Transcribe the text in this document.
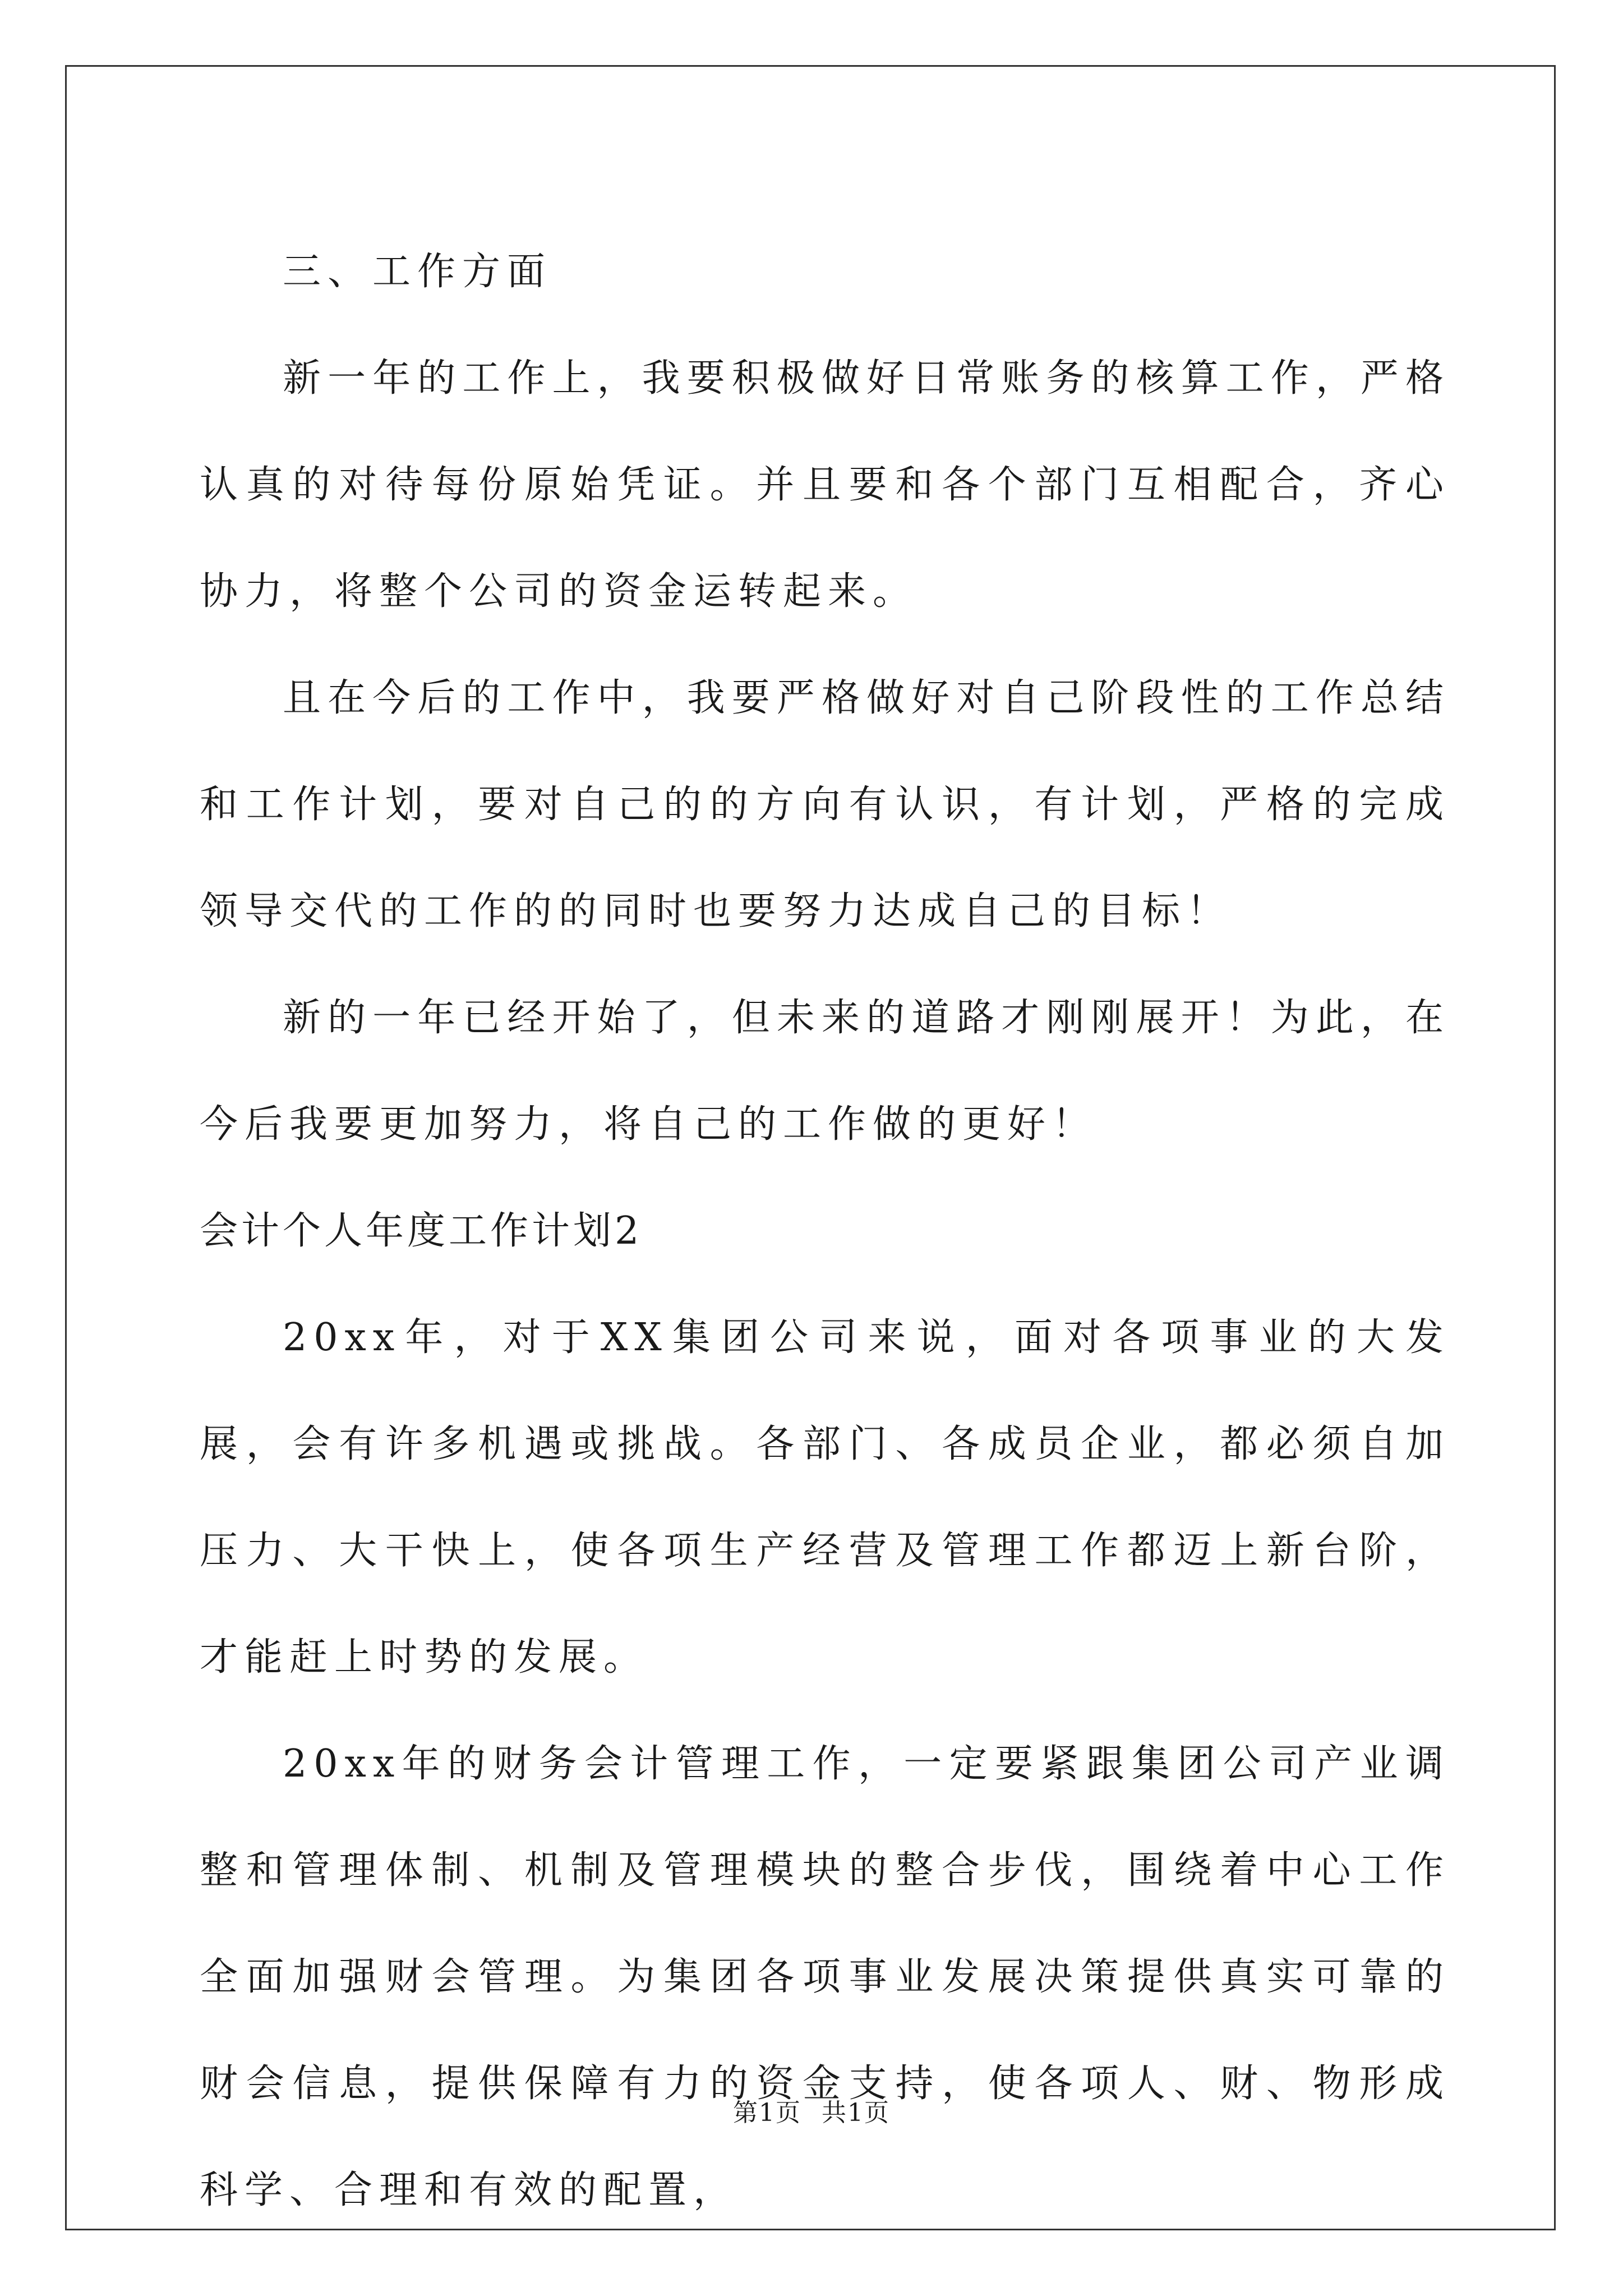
三、工作方面

新一年的工作上，我要积极做好日常账务的核算工作，严格认真的对待每份原始凭证。并且要和各个部门互相配合，齐心协力，将整个公司的资金运转起来。

且在今后的工作中，我要严格做好对自己阶段性的工作总结和工作计划，要对自己的的方向有认识，有计划，严格的完成领导交代的工作的的同时也要努力达成自己的目标！

新的一年已经开始了，但未来的道路才刚刚展开！为此，在今后我要更加努力，将自己的工作做的更好！

会计个人年度工作计划2

20xx年，对于XX集团公司来说，面对各项事业的大发展，会有许多机遇或挑战。各部门、各成员企业，都必须自加压力、大干快上，使各项生产经营及管理工作都迈上新台阶，才能赶上时势的发展。

20xx年的财务会计管理工作，一定要紧跟集团公司产业调整和管理体制、机制及管理模块的整合步伐，围绕着中心工作全面加强财会管理。为集团各项事业发展决策提供真实可靠的财会信息，提供保障有力的资金支持，使各项人、财、物形成科学、合理和有效的配置，

第1页 共1页
